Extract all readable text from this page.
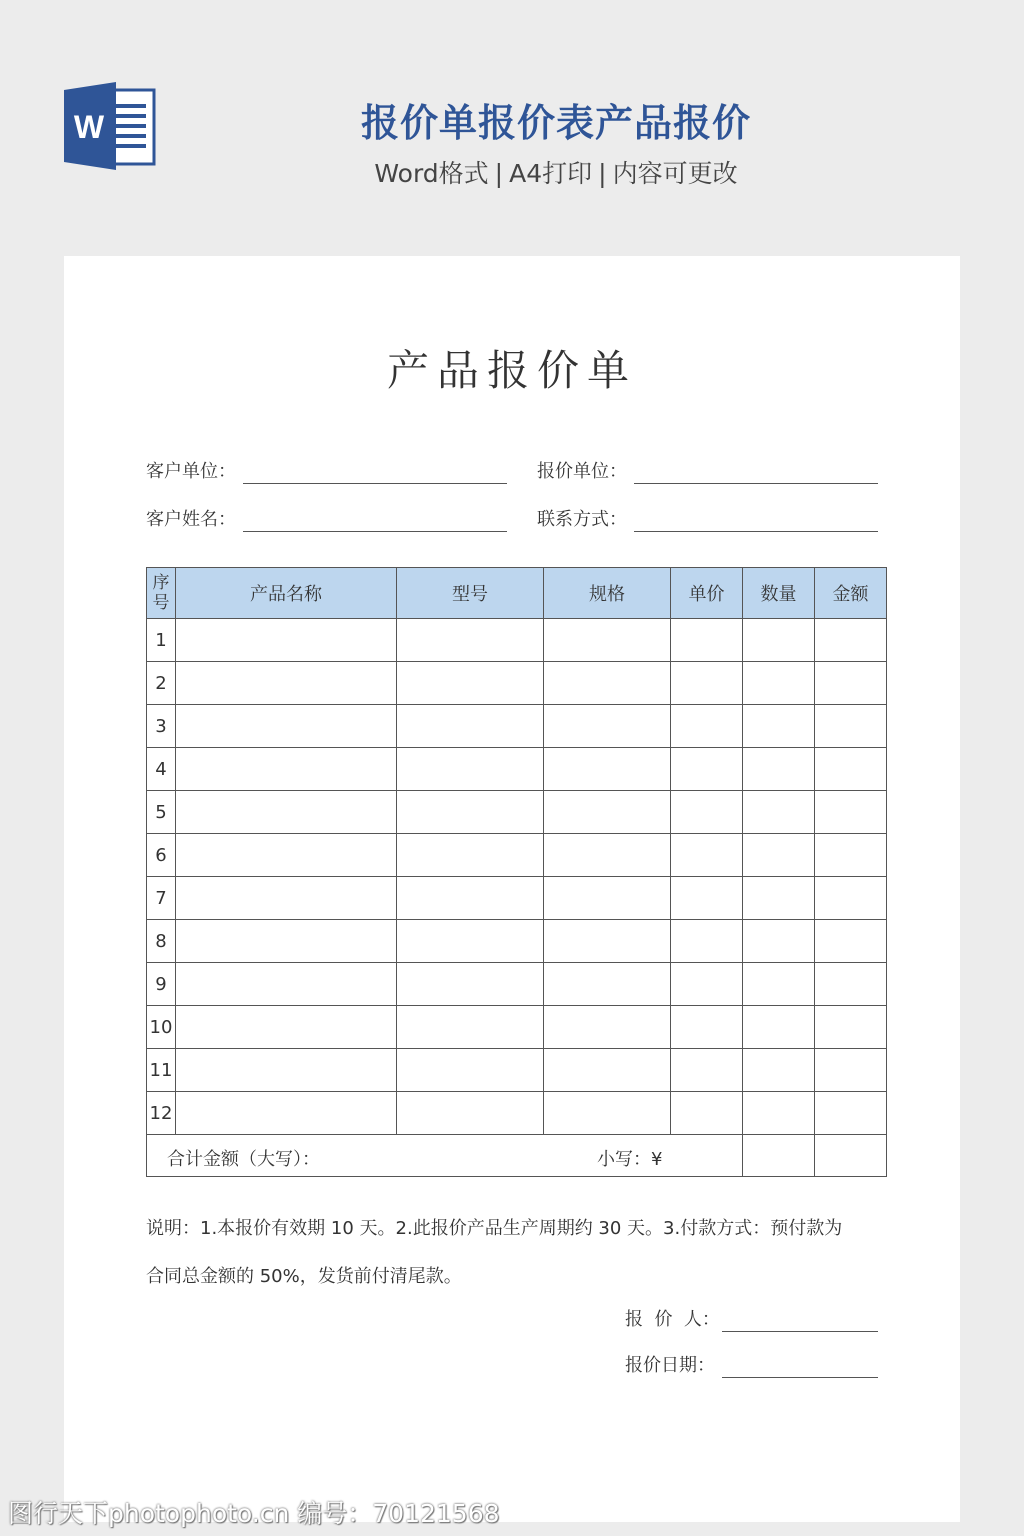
W	报价单报价表产品报价
Word格式 | A4打印 | 内容可更改
产品报价单
客户单位：	报价单位：
客户姓名：	联系方式：
序
号	产品名称	型号	规格	单价	数量	金额
1						
2						
3						
4						
5						
6						
7						
8						
9						
10						
11						
12						

合计金额（大写）： 小写：¥						

说明：1.本报价有效期 10 天。2.此报价产品生产周期约 30 天。3.付款方式：预付款为
合同总金额的 50%，发货前付清尾款。
报  价  人：
报价日期：
图行天下photophoto.cn 编号：70121568
